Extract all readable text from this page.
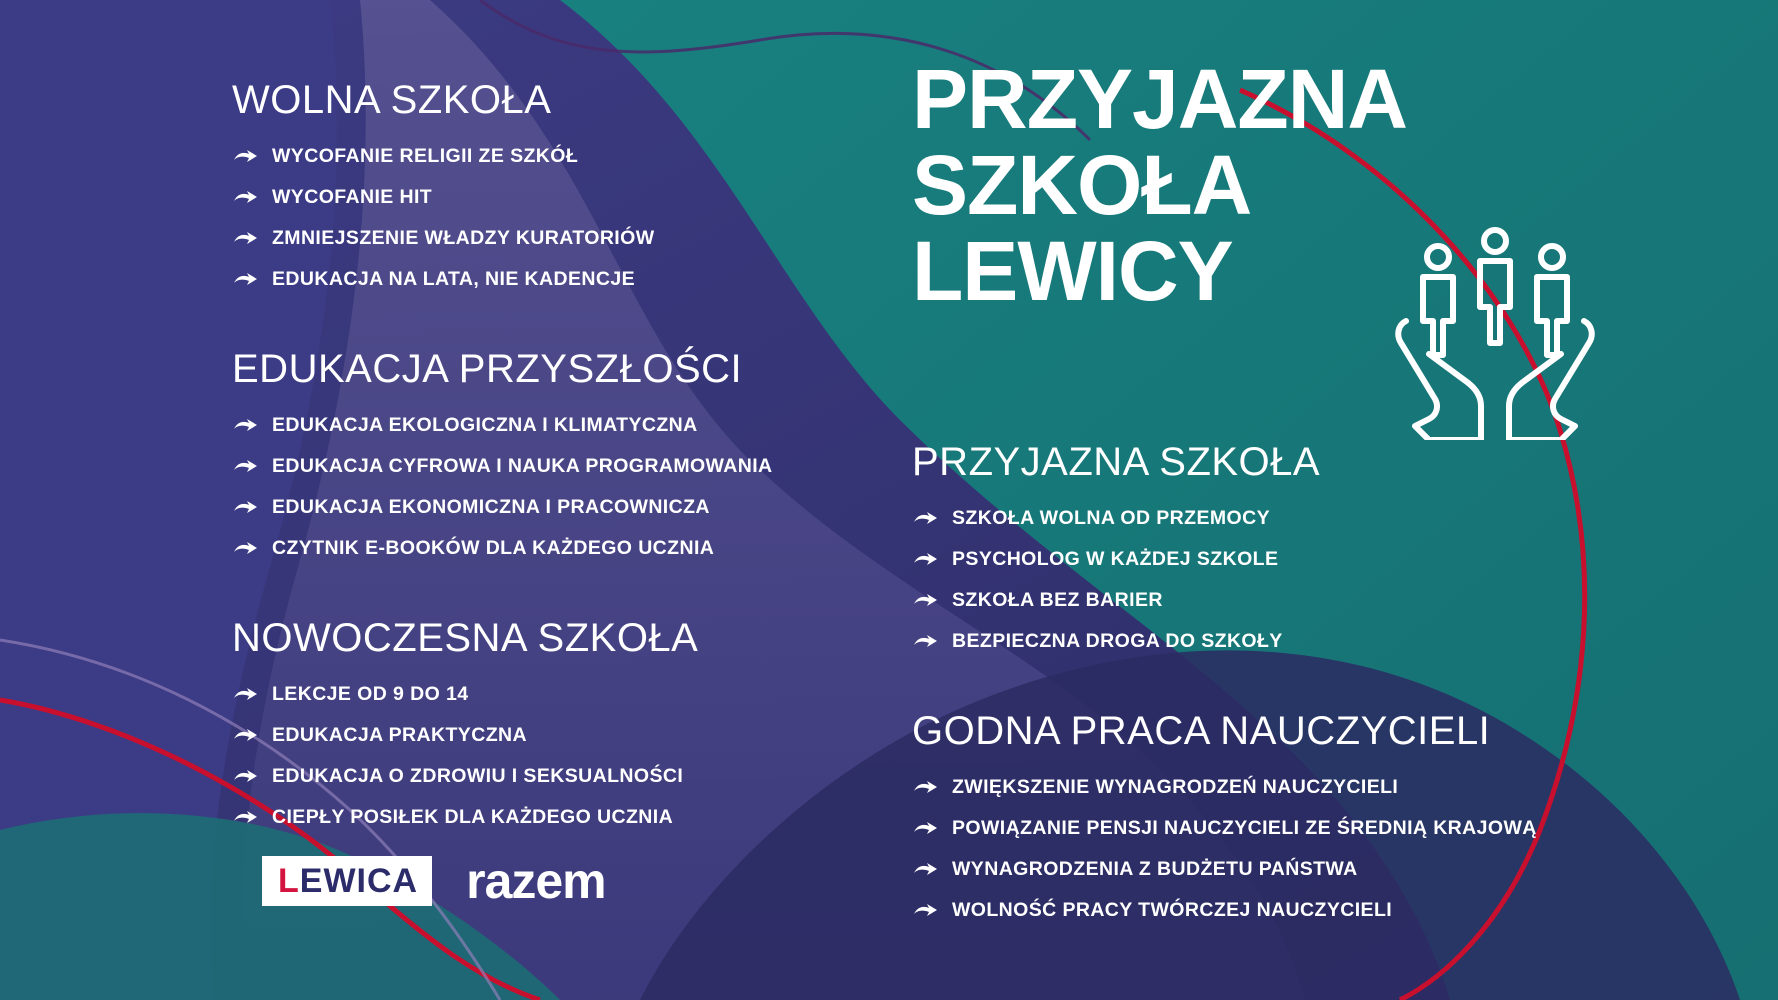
PRZYJAZNA
SZKOŁA
LEWICY
WOLNA SZKOŁA
WYCOFANIE RELIGII ZE SZKÓŁ
WYCOFANIE HIT
ZMNIEJSZENIE WŁADZY KURATORIÓW
EDUKACJA NA LATA, NIE KADENCJE
EDUKACJA PRZYSZŁOŚCI
EDUKACJA EKOLOGICZNA I KLIMATYCZNA
EDUKACJA CYFROWA I NAUKA PROGRAMOWANIA
EDUKACJA EKONOMICZNA I PRACOWNICZA
CZYTNIK E-BOOKÓW DLA KAŻDEGO UCZNIA
NOWOCZESNA SZKOŁA
LEKCJE OD 9 DO 14
EDUKACJA PRAKTYCZNA
EDUKACJA O ZDROWIU I SEKSUALNOŚCI
CIEPŁY POSIŁEK DLA KAŻDEGO UCZNIA
PRZYJAZNA SZKOŁA
SZKOŁA WOLNA OD PRZEMOCY
PSYCHOLOG W KAŻDEJ SZKOLE
SZKOŁA BEZ BARIER
BEZPIECZNA DROGA DO SZKOŁY
GODNA PRACA NAUCZYCIELI
ZWIĘKSZENIE WYNAGRODZEŃ NAUCZYCIELI
POWIĄZANIE PENSJI NAUCZYCIELI ZE ŚREDNIĄ KRAJOWĄ
WYNAGRODZENIA Z BUDŻETU PAŃSTWA
WOLNOŚĆ PRACY TWÓRCZEJ NAUCZYCIELI
LEWICA razem
